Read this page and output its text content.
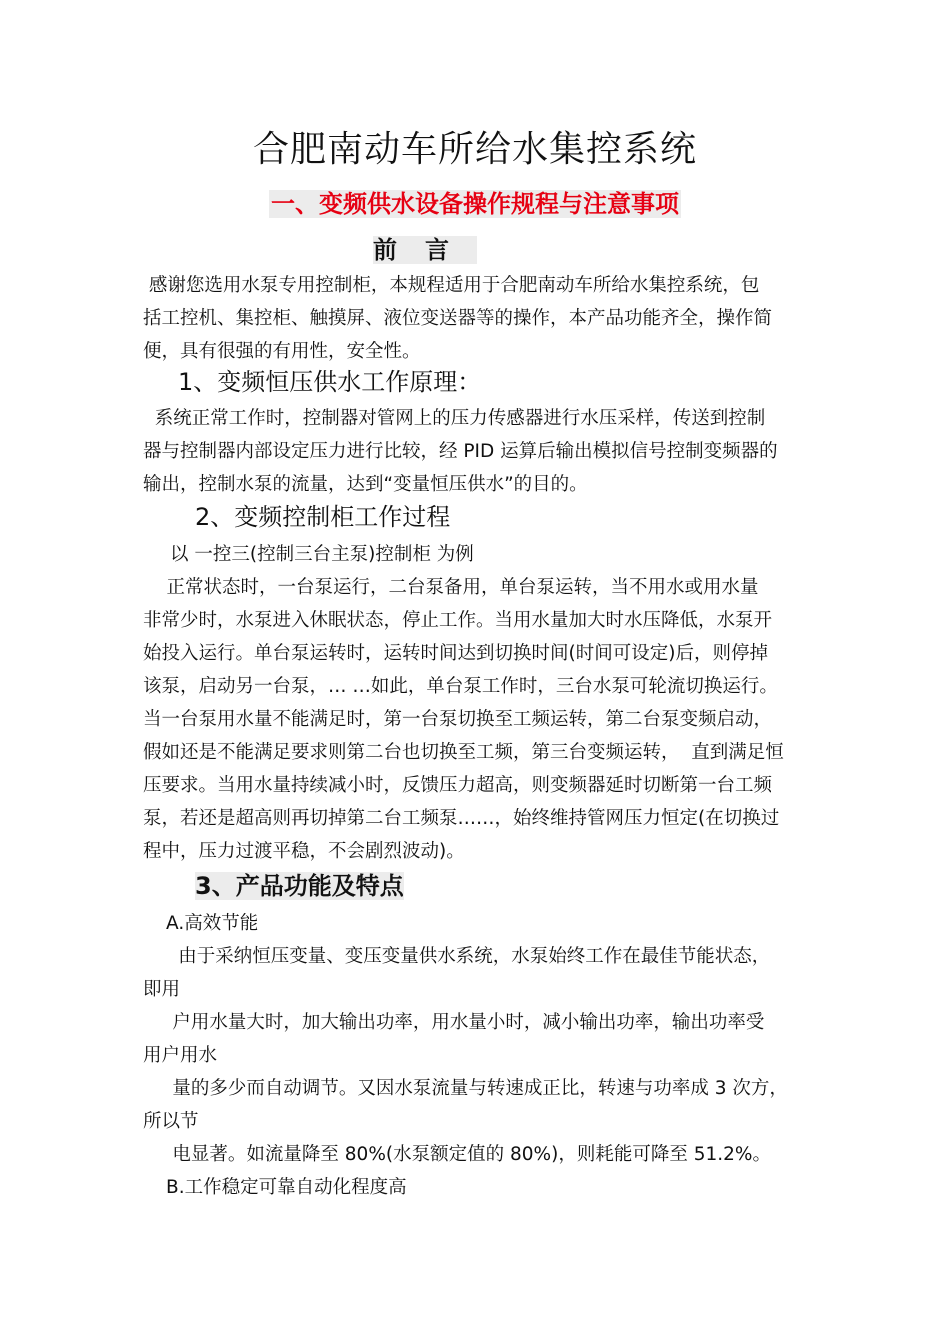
合肥南动车所给水集控系统
一、变频供水设备操作规程与注意事项
前言
感谢您选用水泵专用控制柜，本规程适用于合肥南动车所给水集控系统，包
括工控机、集控柜、触摸屏、液位变送器等的操作，本产品功能齐全，操作简
便，具有很强的有用性，安全性。
1、变频恒压供水工作原理：
系统正常工作时，控制器对管网上的压力传感器进行水压采样，传送到控制
器与控制器内部设定压力进行比较，经 PID 运算后输出模拟信号控制变频器的
输出，控制水泵的流量，达到“变量恒压供水”的目的。
2、变频控制柜工作过程
以 一控三(控制三台主泵)控制柜 为例
正常状态时，一台泵运行，二台泵备用，单台泵运转，当不用水或用水量
非常少时，水泵进入休眠状态，停止工作。当用水量加大时水压降低，水泵开
始投入运行。单台泵运转时，运转时间达到切换时间(时间可设定)后，则停掉
该泵，启动另一台泵，… …如此，单台泵工作时，三台水泵可轮流切换运行。
当一台泵用水量不能满足时，第一台泵切换至工频运转，第二台泵变频启动，
假如还是不能满足要求则第二台也切换至工频，第三台变频运转，  直到满足恒
压要求。当用水量持续减小时，反馈压力超高，则变频器延时切断第一台工频
泵，若还是超高则再切掉第二台工频泵……，始终维持管网压力恒定(在切换过
程中，压力过渡平稳，不会剧烈波动)。
3、产品功能及特点
A.高效节能
由于采纳恒压变量、变压变量供水系统，水泵始终工作在最佳节能状态，
即用
户用水量大时，加大输出功率，用水量小时，减小输出功率，输出功率受
用户用水
量的多少而自动调节。又因水泵流量与转速成正比，转速与功率成 3 次方，
所以节
电显著。如流量降至 80%(水泵额定值的 80%)，则耗能可降至 51.2%。
B.工作稳定可靠自动化程度高
